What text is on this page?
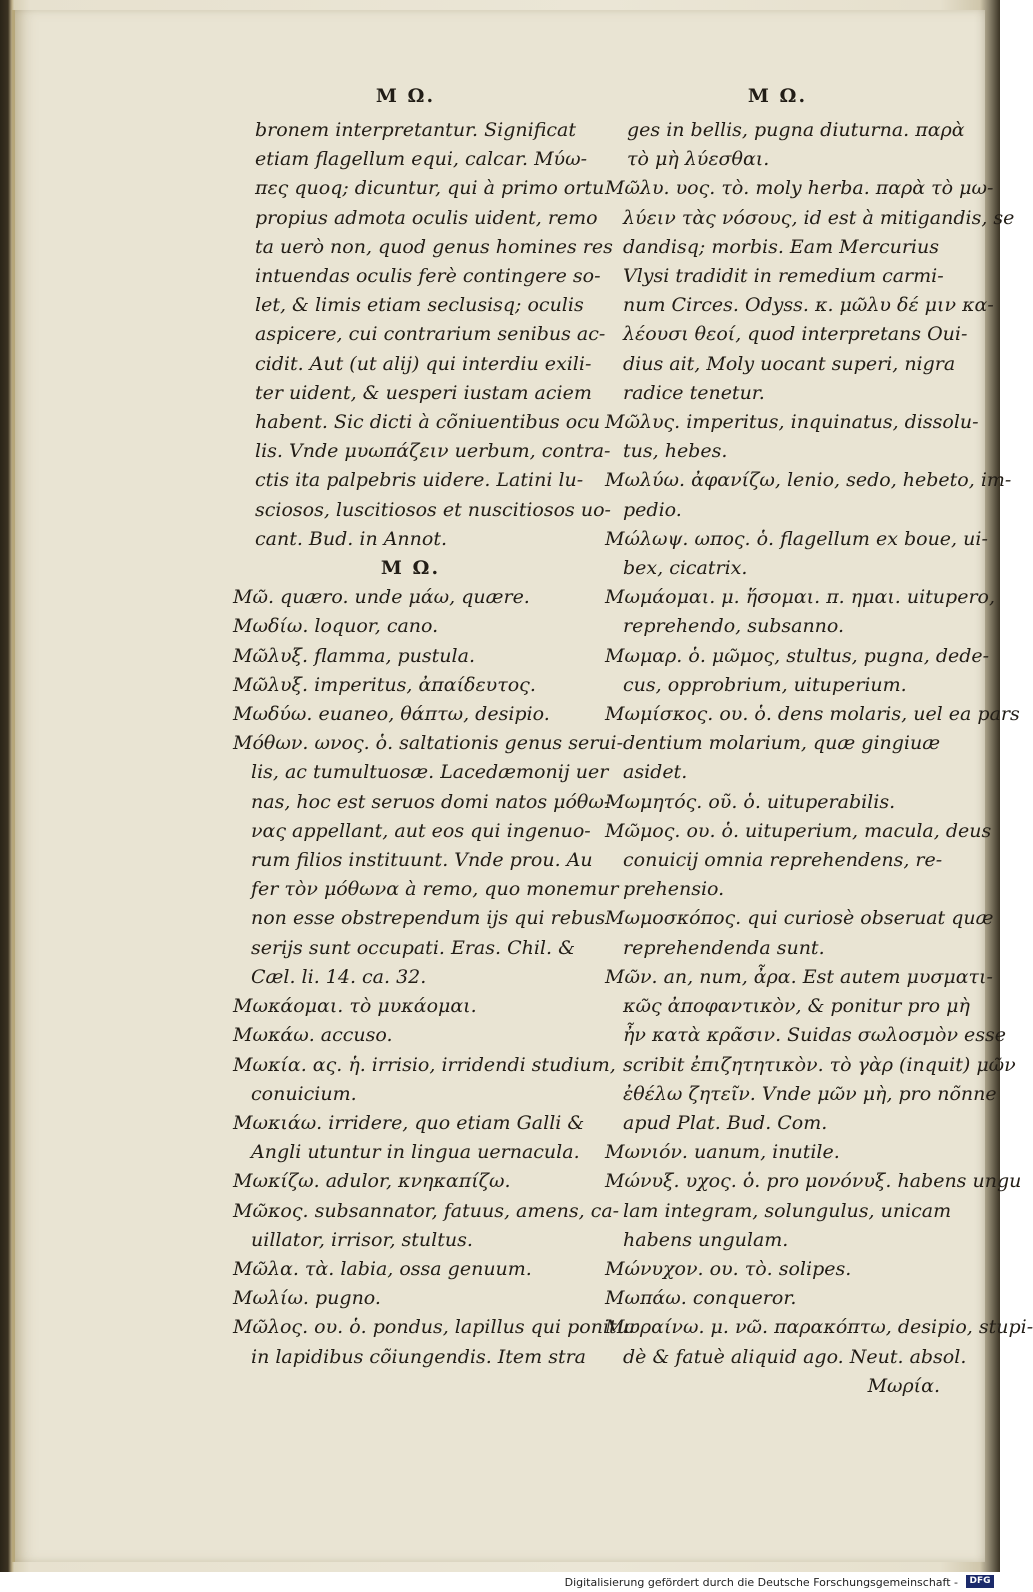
M Ω.
bronem interpretantur. Significat
etiam flagellum equi, calcar. Μύω-
πες quoq; dicuntur, qui à primo ortu
propius admota oculis uident, remo
ta uerò non, quod genus homines res
intuendas oculis ferè contingere so-
let, & limis etiam seclusisq; oculis
aspicere, cui contrarium senibus ac-
cidit. Aut (ut alij) qui interdiu exili-
ter uident, & uesperi iustam aciem
habent. Sic dicti à cõniuentibus ocu
lis. Vnde μυωπάζειν uerbum, contra-
ctis ita palpebris uidere. Latini lu-
sciosos, luscitiosos et nuscitiosos uo-
cant. Bud. in Annot.
M Ω.
Μῶ. quæro. unde μάω, quære.
Μωδίω. loquor, cano.
Μῶλυξ. flamma, pustula.
Μῶλυξ. imperitus, ἀπαίδευτος.
Μωδύω. euaneo, θάπτω, desipio.
Μόθων. ωνος. ὁ. saltationis genus serui-
lis, ac tumultuosæ. Lacedæmonij uer
nas, hoc est seruos domi natos μόθω-
νας appellant, aut eos qui ingenuo-
rum filios instituunt. Vnde prou. Au
fer τὸν μόθωνα à remo, quo monemur
non esse obstrependum ijs qui rebus
serijs sunt occupati. Eras. Chil. &
Cæl. li. 14. ca. 32.
Μωκάομαι. τὸ μυκάομαι.
Μωκάω. accuso.
Μωκία. ας. ἡ. irrisio, irridendi studium,
conuicium.
Μωκιάω. irridere, quo etiam Galli &
Angli utuntur in lingua uernacula.
Μωκίζω. adulor, κνηκαπίζω.
Μῶκος. subsannator, fatuus, amens, ca-
uillator, irrisor, stultus.
Μῶλα. τὰ. labia, ossa genuum.
Μωλίω. pugno.
Μῶλος. ου. ὁ. pondus, lapillus qui ponitur
in lapidibus cõiungendis. Item stra
M Ω.
ges in bellis, pugna diuturna. παρὰ
τὸ μὴ λύεσθαι.
Μῶλυ. υος. τὸ. moly herba. παρὰ τὸ μω-
λύειν τὰς νόσους, id est à mitigandis, se
dandisq; morbis. Eam Mercurius
Vlysi tradidit in remedium carmi-
num Circes. Odyss. κ. μῶλυ δέ μιν κα-
λέουσι θεοί, quod interpretans Oui-
dius ait, Moly uocant superi, nigra
radice tenetur.
Μῶλυς. imperitus, inquinatus, dissolu-
tus, hebes.
Μωλύω. ἀφανίζω, lenio, sedo, hebeto, im-
pedio.
Μώλωψ. ωπος. ὁ. flagellum ex boue, ui-
bex, cicatrix.
Μωμάομαι. μ. ἥσομαι. π. ημαι. uitupero,
reprehendo, subsanno.
Μωμαρ. ὁ. μῶμος, stultus, pugna, dede-
cus, opprobrium, uituperium.
Μωμίσκος. ου. ὁ. dens molaris, uel ea pars
dentium molarium, quæ gingiuæ
asidet.
Μωμητός. οῦ. ὁ. uituperabilis.
Μῶμος. ου. ὁ. uituperium, macula, deus
conuicij omnia reprehendens, re-
prehensio.
Μωμοσκόπος. qui curiosè obseruat quæ
reprehendenda sunt.
Μῶν. an, num, ἆρα. Est autem μυσματι-
κῶς ἀποφαντικὸν, & ponitur pro μὴ
ἦν κατὰ κρᾶσιν. Suidas σωλοσμὸν esse
scribit ἐπιζητητικὸν. τὸ γὰρ (inquit) μῶν
ἐθέλω ζητεῖν. Vnde μῶν μὴ, pro nõnne
apud Plat. Bud. Com.
Μωνιόν. uanum, inutile.
Μώνυξ. υχος. ὁ. pro μονόνυξ. habens ungu
lam integram, solungulus, unicam
habens ungulam.
Μώνυχον. ου. τὸ. solipes.
Μωπάω. conqueror.
Μωραίνω. μ. νῶ. παρακόπτω, desipio, stupi-
dè & fatuè aliquid ago. Neut. absol.
Μωρία.
Digitalisierung gefördert durch die Deutsche Forschungsgemeinschaft -	DFG
